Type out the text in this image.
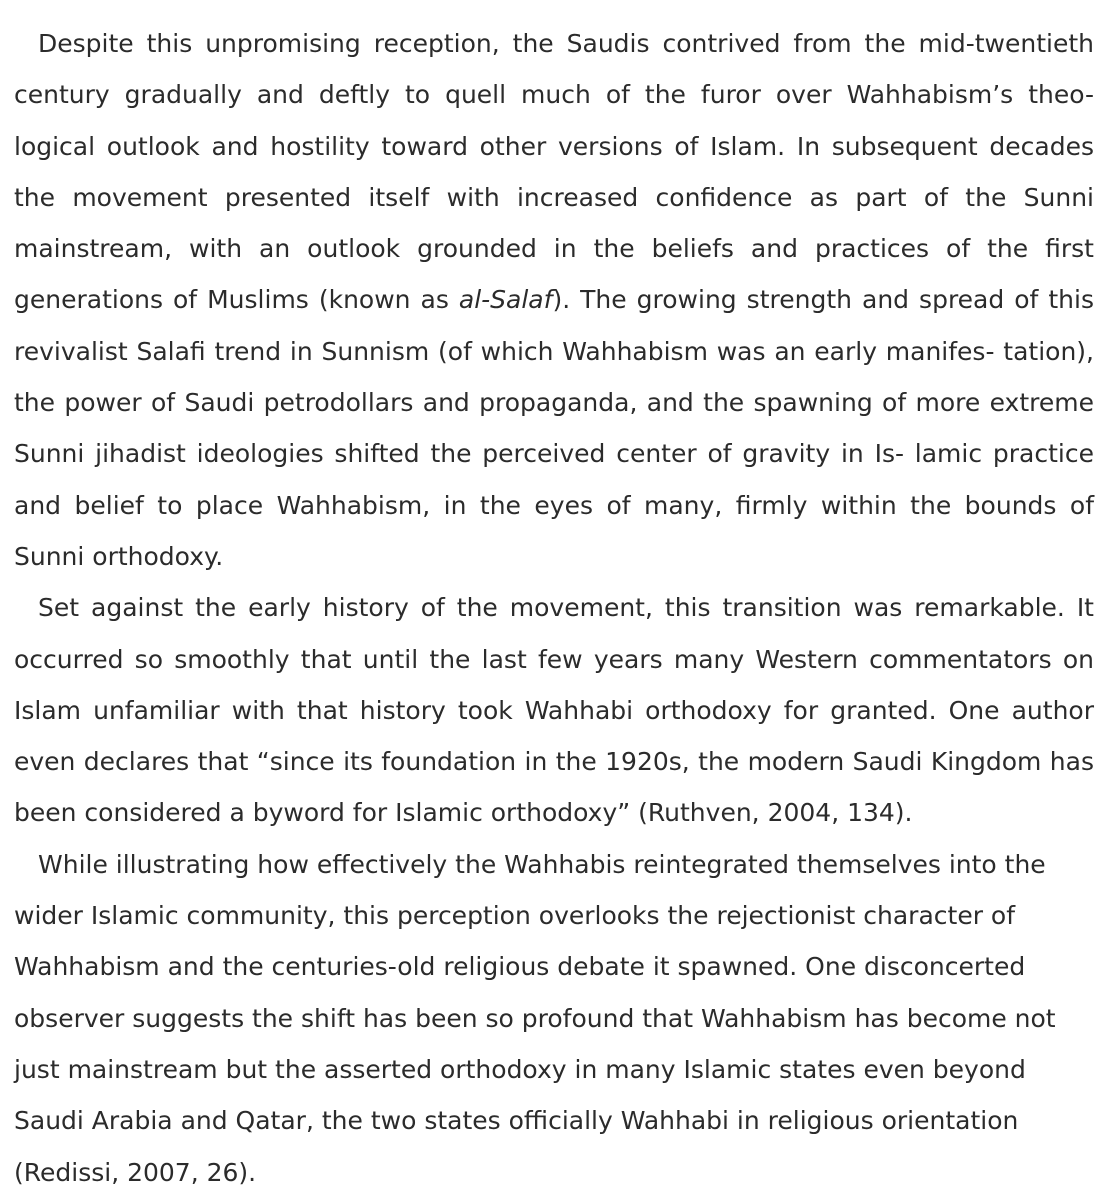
Despite this unpromising reception, the Saudis contrived from the mid-twentieth century gradually and deftly to quell much of the furor over Wahhabism’s theo- logical outlook and hostility toward other versions of Islam. In subsequent decades the movement presented itself with increased confidence as part of the Sunni mainstream, with an outlook grounded in the beliefs and practices of the first generations of Muslims (known as al-Salaf). The growing strength and spread of this revivalist Salafi trend in Sunnism (of which Wahhabism was an early manifes- tation), the power of Saudi petrodollars and propaganda, and the spawning of more extreme Sunni jihadist ideologies shifted the perceived center of gravity in Is- lamic practice and belief to place Wahhabism, in the eyes of many, firmly within the bounds of Sunni orthodoxy.

Set against the early history of the movement, this transition was remarkable. It occurred so smoothly that until the last few years many Western commentators on Islam unfamiliar with that history took Wahhabi orthodoxy for granted. One author even declares that “since its foundation in the 1920s, the modern Saudi Kingdom has been considered a byword for Islamic orthodoxy” (Ruthven, 2004, 134).

While illustrating how effectively the Wahhabis reintegrated themselves into the wider Islamic community, this perception overlooks the rejectionist character of Wahhabism and the centuries-old religious debate it spawned. One disconcerted observer suggests the shift has been so profound that Wahhabism has become not just mainstream but the asserted orthodoxy in many Islamic states even beyond Saudi Arabia and Qatar, the two states officially Wahhabi in religious orientation (Redissi, 2007, 26).
